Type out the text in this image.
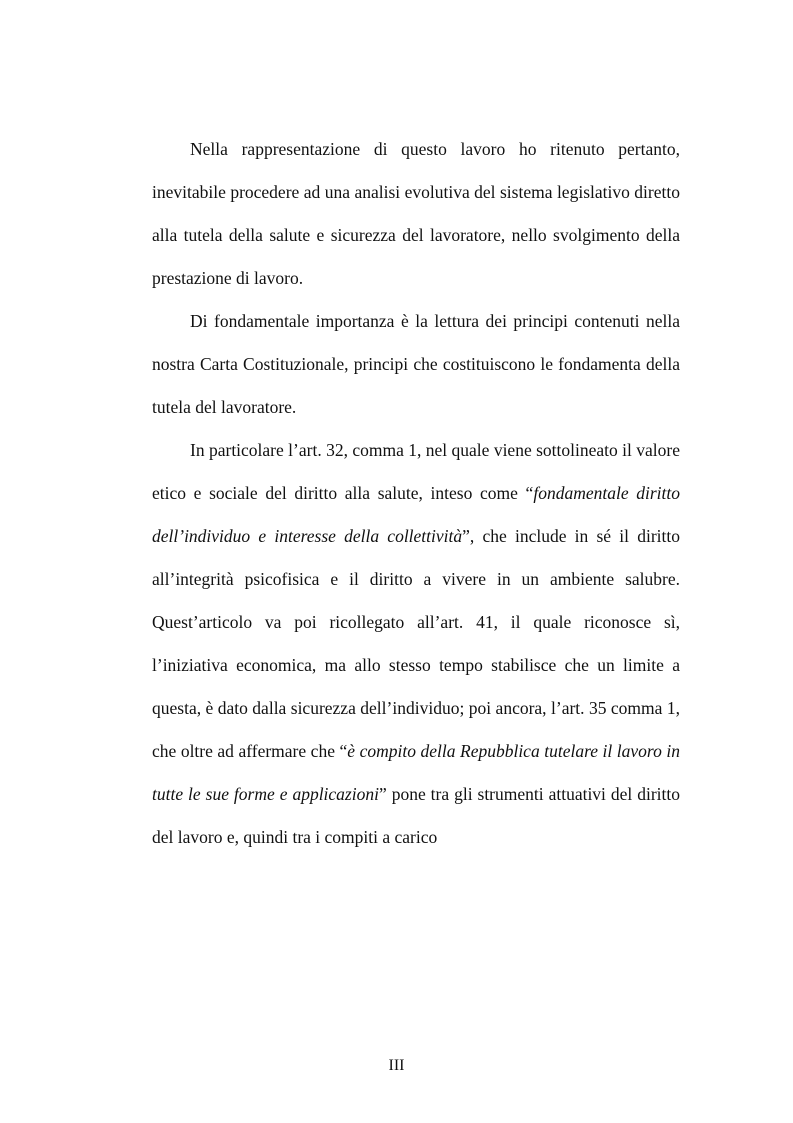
Nella rappresentazione di questo lavoro ho ritenuto pertanto, inevitabile procedere ad una analisi evolutiva del sistema legislativo diretto alla tutela della salute e sicurezza del lavoratore, nello svolgimento della prestazione di lavoro.

Di fondamentale importanza è la lettura dei principi contenuti nella nostra Carta Costituzionale, principi che costituiscono le fondamenta della tutela del lavoratore.

In particolare l’art. 32, comma 1, nel quale viene sottolineato il valore etico e sociale del diritto alla salute, inteso come “fondamentale diritto dell’individuo e interesse della collettività”, che include in sé il diritto all’integrità psicofisica e il diritto a vivere in un ambiente salubre. Quest’articolo va poi ricollegato all’art. 41, il quale riconosce sì, l’iniziativa economica, ma allo stesso tempo stabilisce che un limite a questa, è dato dalla sicurezza dell’individuo; poi ancora, l’art. 35 comma 1, che oltre ad affermare che “è compito della Repubblica tutelare il lavoro in tutte le sue forme e applicazioni” pone tra gli strumenti attuativi del diritto del lavoro e, quindi tra i compiti a carico

III
